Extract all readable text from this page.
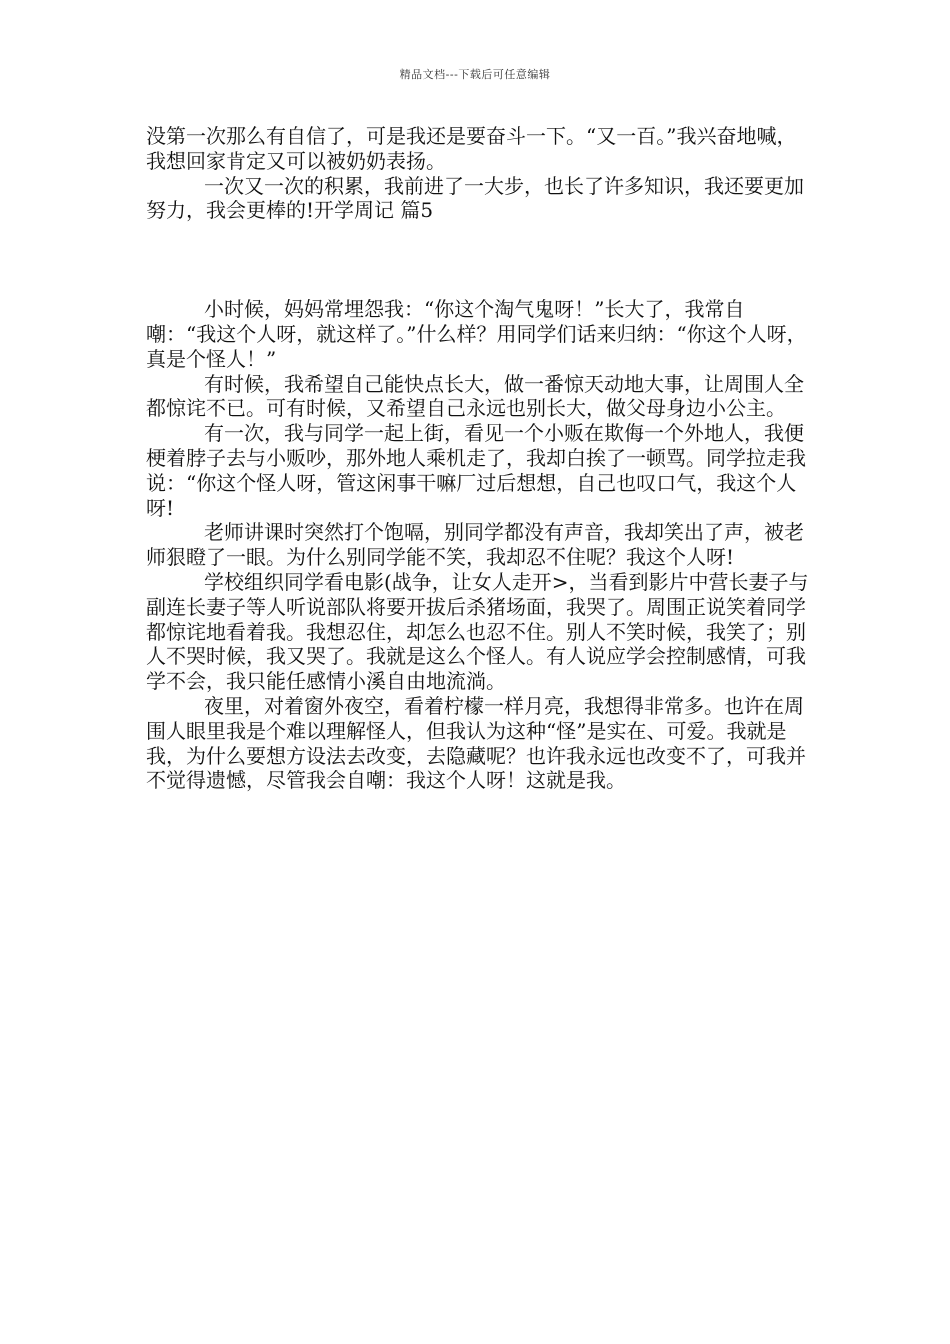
精品文档---下载后可任意编辑

没第一次那么有自信了，可是我还是要奋斗一下。“又一百。”我兴奋地喊，我想回家肯定又可以被奶奶表扬。

一次又一次的积累，我前进了一大步，也长了许多知识，我还要更加努力，我会更棒的!开学周记 篇5

小时候，妈妈常埋怨我：“你这个淘气鬼呀！”长大了，我常自嘲：“我这个人呀，就这样了。”什么样？用同学们话来归纳：“你这个人呀，真是个怪人！”

有时候，我希望自己能快点长大，做一番惊天动地大事，让周围人全都惊诧不已。可有时候，又希望自己永远也别长大，做父母身边小公主。

有一次，我与同学一起上街，看见一个小贩在欺侮一个外地人，我便梗着脖子去与小贩吵，那外地人乘机走了，我却白挨了一顿骂。同学拉走我说：“你这个怪人呀，管这闲事干嘛厂过后想想，自己也叹口气，我这个人呀!

老师讲课时突然打个饱嗝，别同学都没有声音，我却笑出了声，被老师狠瞪了一眼。为什么别同学能不笑，我却忍不住呢？我这个人呀!

学校组织同学看电影(战争，让女人走开>，当看到影片中营长妻子与副连长妻子等人听说部队将要开拔后杀猪场面，我哭了。周围正说笑着同学都惊诧地看着我。我想忍住，却怎么也忍不住。别人不笑时候，我笑了；别人不哭时候，我又哭了。我就是这么个怪人。有人说应学会控制感情，可我学不会，我只能任感情小溪自由地流淌。

夜里，对着窗外夜空，看着柠檬一样月亮，我想得非常多。也许在周围人眼里我是个难以理解怪人，但我认为这种“怪”是实在、可爱。我就是我，为什么要想方设法去改变，去隐藏呢？也许我永远也改变不了，可我并不觉得遗憾，尽管我会自嘲：我这个人呀！这就是我。
